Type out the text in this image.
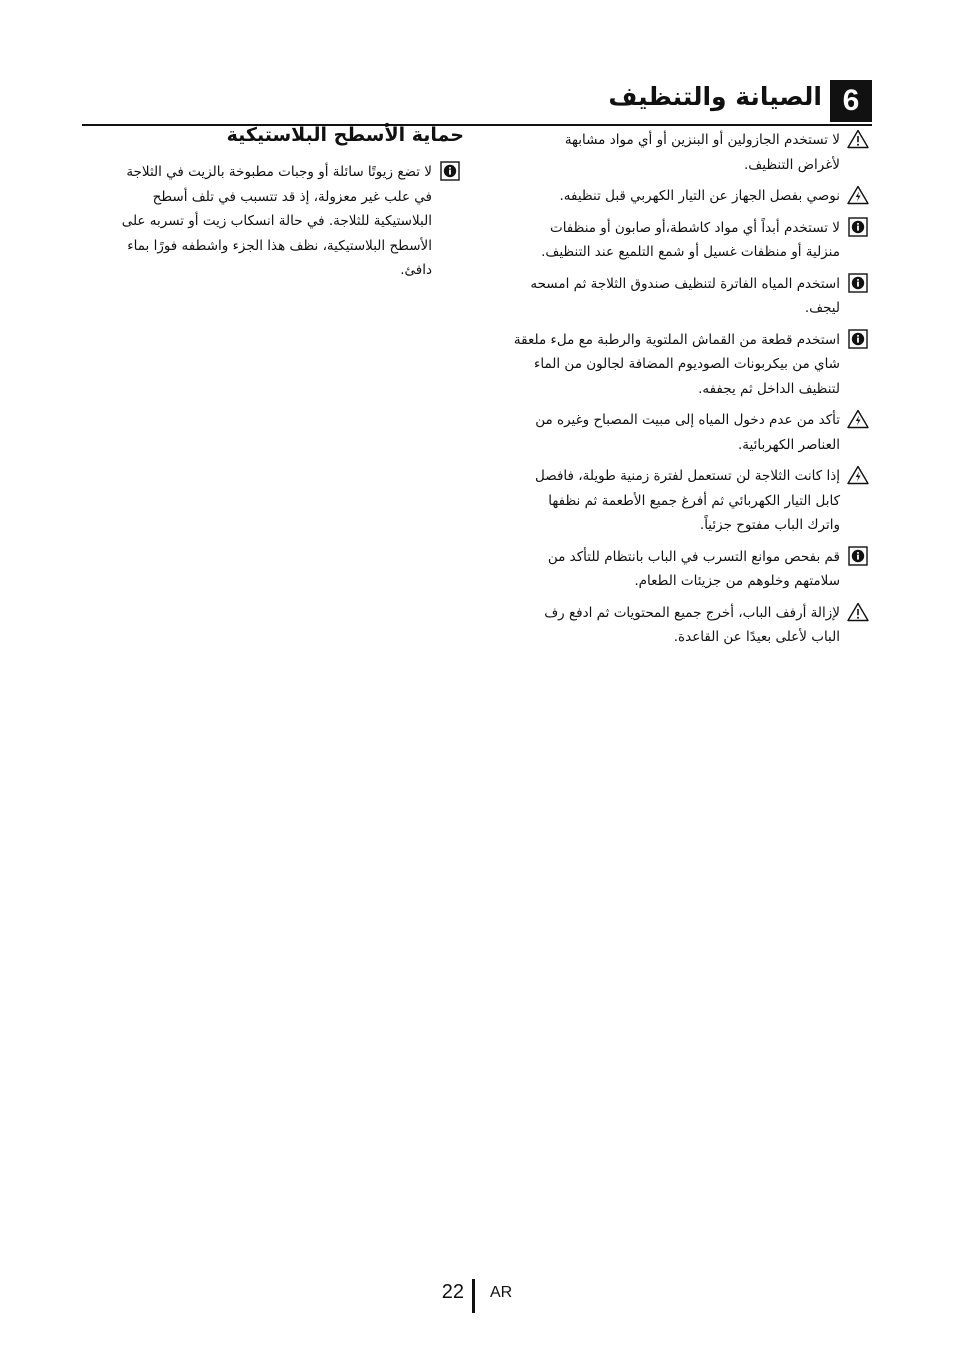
6
الصيانة والتنظيف

لا تستخدم الجازولين أو البنزين أو أي مواد مشابهة

لأغراض التنظيف.

نوصي بفصل الجهاز عن التيار الكهربي قبل تنظيفه.

لا تستخدم أبداً أي مواد كاشطة،أو صابون أو منظفات

منزلية أو منظفات غسيل أو شمع التلميع عند التنظيف.

استخدم المياه الفاترة لتنظيف صندوق الثلاجة ثم امسحه

ليجف.

استخدم قطعة من القماش الملتوية والرطبة مع ملء ملعقة

شاي من بيكربونات الصوديوم المضافة لجالون من الماء

لتنظيف الداخل ثم يجففه.

تأكد من عدم دخول المياه إلى مبيت المصباح وغيره من

العناصر الكهربائية.

إذا كانت الثلاجة لن تستعمل لفترة زمنية طويلة، فافصل

كابل التيار الكهربائي ثم أفرغ جميع الأطعمة ثم نظفها

واترك الباب مفتوح جزئياً.

قم بفحص موانع التسرب في الباب بانتظام للتأكد من

سلامتهم وخلوهم من جزيئات الطعام.

لإزالة أرفف الباب، أخرج جميع المحتويات ثم ادفع رف

الباب لأعلى بعيدًا عن القاعدة.

حماية الأسطح البلاستيكية

لا تضع زيوتًا سائلة أو وجبات مطبوخة بالزيت في الثلاجة

في علب غير معزولة، إذ قد تتسبب في تلف أسطح

البلاستيكية للثلاجة. في حالة انسكاب زيت أو تسربه على

الأسطح البلاستيكية، نظف هذا الجزء واشطفه فورًا بماء

دافئ.

22 AR
